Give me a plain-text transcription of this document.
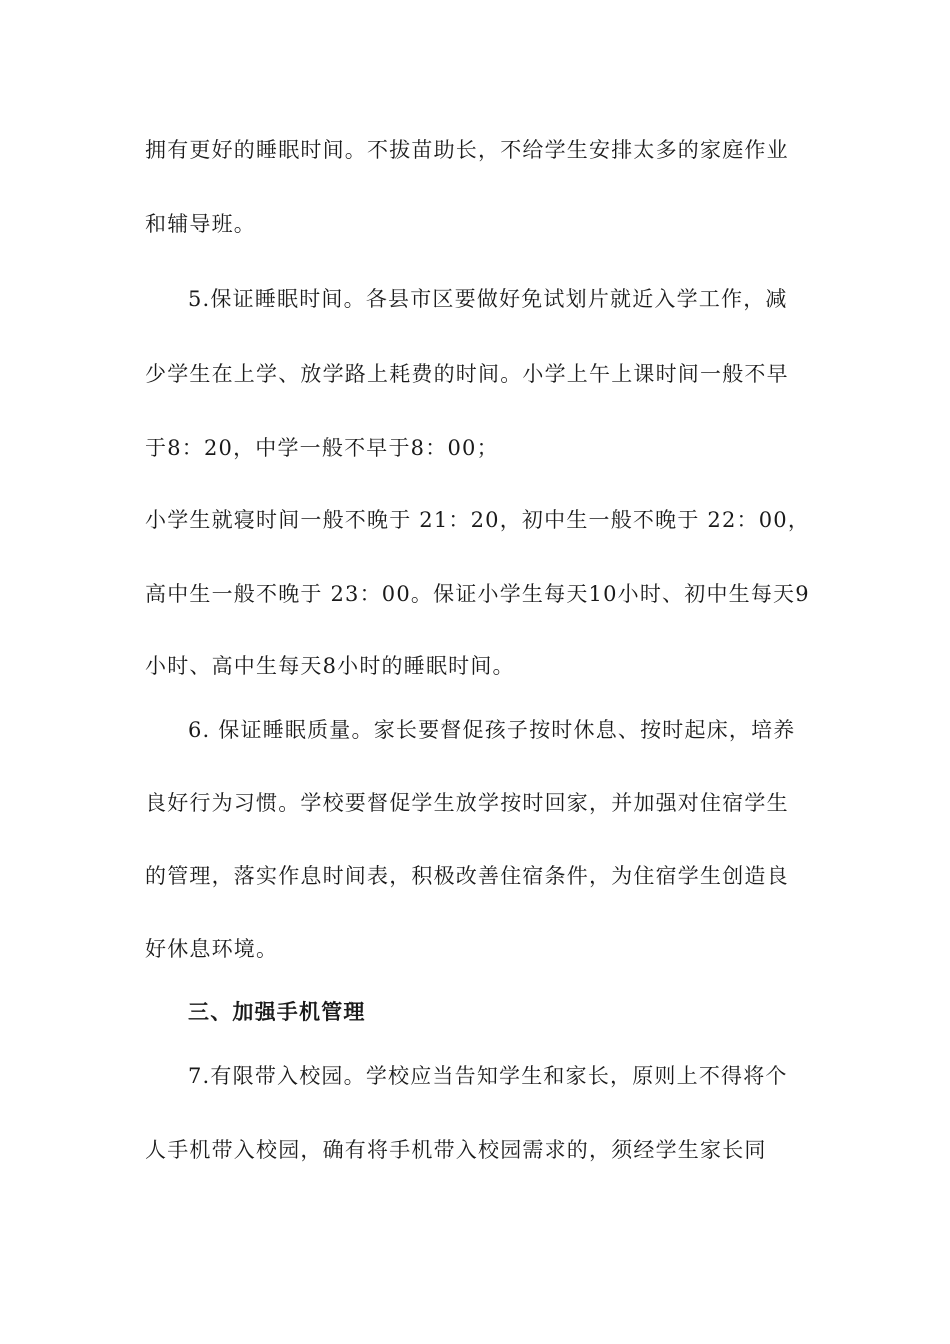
拥有更好的睡眠时间。不拔苗助长，不给学生安排太多的家庭作业
和辅导班。
5.保证睡眠时间。各县市区要做好免试划片就近入学工作，减
少学生在上学、放学路上耗费的时间。小学上午上课时间一般不早
于8：20，中学一般不早于8：00；
小学生就寝时间一般不晚于 21：20，初中生一般不晚于 22：00，
高中生一般不晚于 23：00。保证小学生每天10小时、初中生每天9
小时、高中生每天8小时的睡眠时间。
6. 保证睡眠质量。家长要督促孩子按时休息、按时起床，培养
良好行为习惯。学校要督促学生放学按时回家，并加强对住宿学生
的管理，落实作息时间表，积极改善住宿条件，为住宿学生创造良
好休息环境。
三、加强手机管理
7.有限带入校园。学校应当告知学生和家长，原则上不得将个
人手机带入校园，确有将手机带入校园需求的，须经学生家长同
